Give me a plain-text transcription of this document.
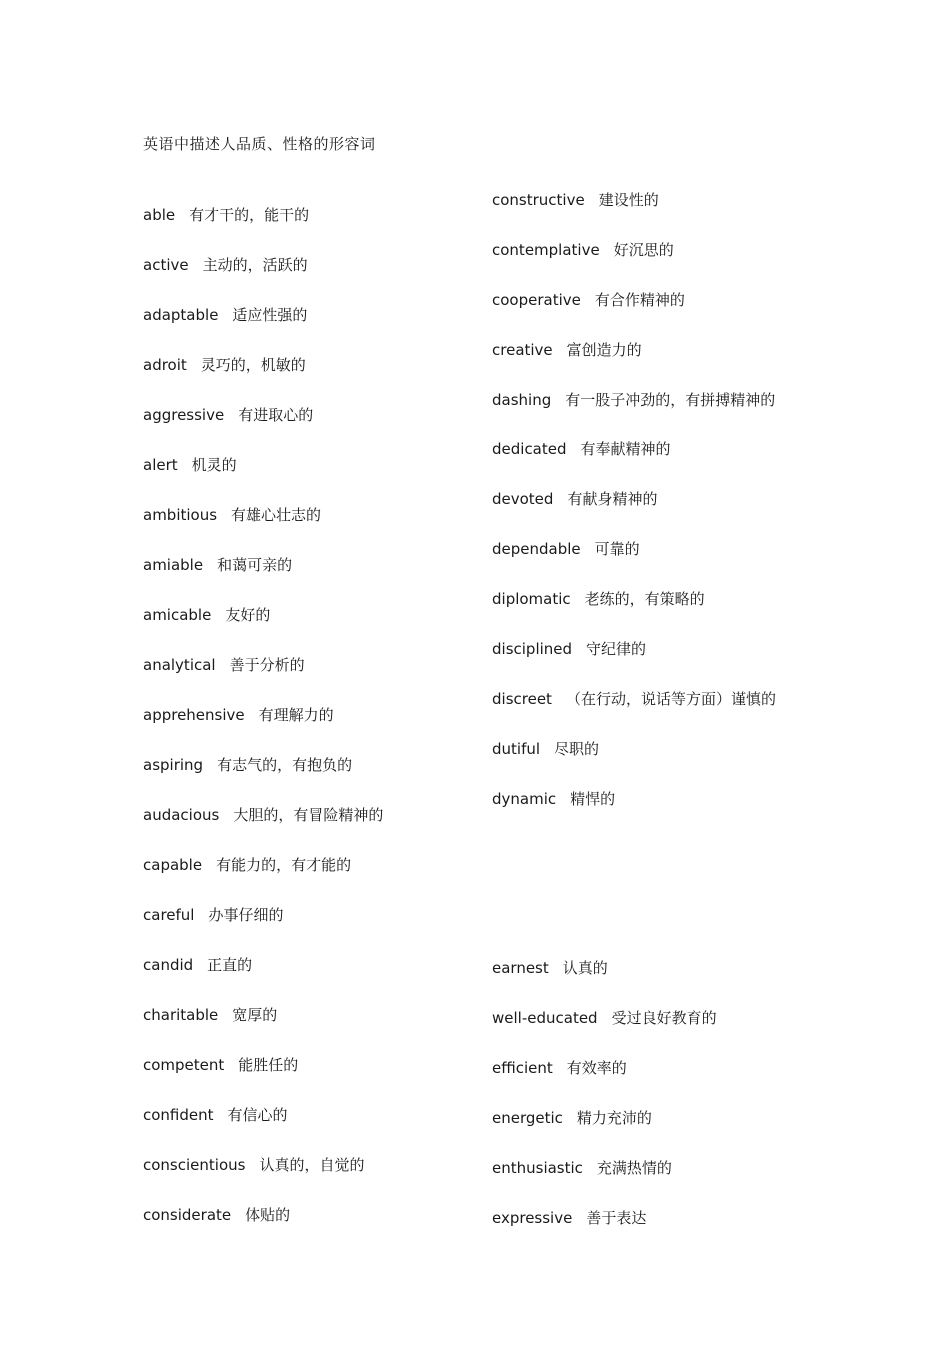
英语中描述人品质、性格的形容词
able 有才干的，能干的
active 主动的，活跃的
adaptable 适应性强的
adroit 灵巧的，机敏的
aggressive 有进取心的
alert 机灵的
ambitious 有雄心壮志的
amiable 和蔼可亲的
amicable 友好的
analytical 善于分析的
apprehensive 有理解力的
aspiring 有志气的，有抱负的
audacious 大胆的，有冒险精神的
capable 有能力的，有才能的
careful 办事仔细的
candid 正直的
charitable 宽厚的
competent 能胜任的
confident 有信心的
conscientious 认真的，自觉的
considerate 体贴的
constructive 建设性的
contemplative 好沉思的
cooperative 有合作精神的
creative 富创造力的
dashing 有一股子冲劲的，有拼搏精神的
dedicated 有奉献精神的
devoted 有献身精神的
dependable 可靠的
diplomatic 老练的，有策略的
disciplined 守纪律的
discreet （在行动，说话等方面）谨慎的
dutiful 尽职的
dynamic 精悍的
earnest 认真的
well-educated 受过良好教育的
efficient 有效率的
energetic 精力充沛的
enthusiastic 充满热情的
expressive 善于表达
